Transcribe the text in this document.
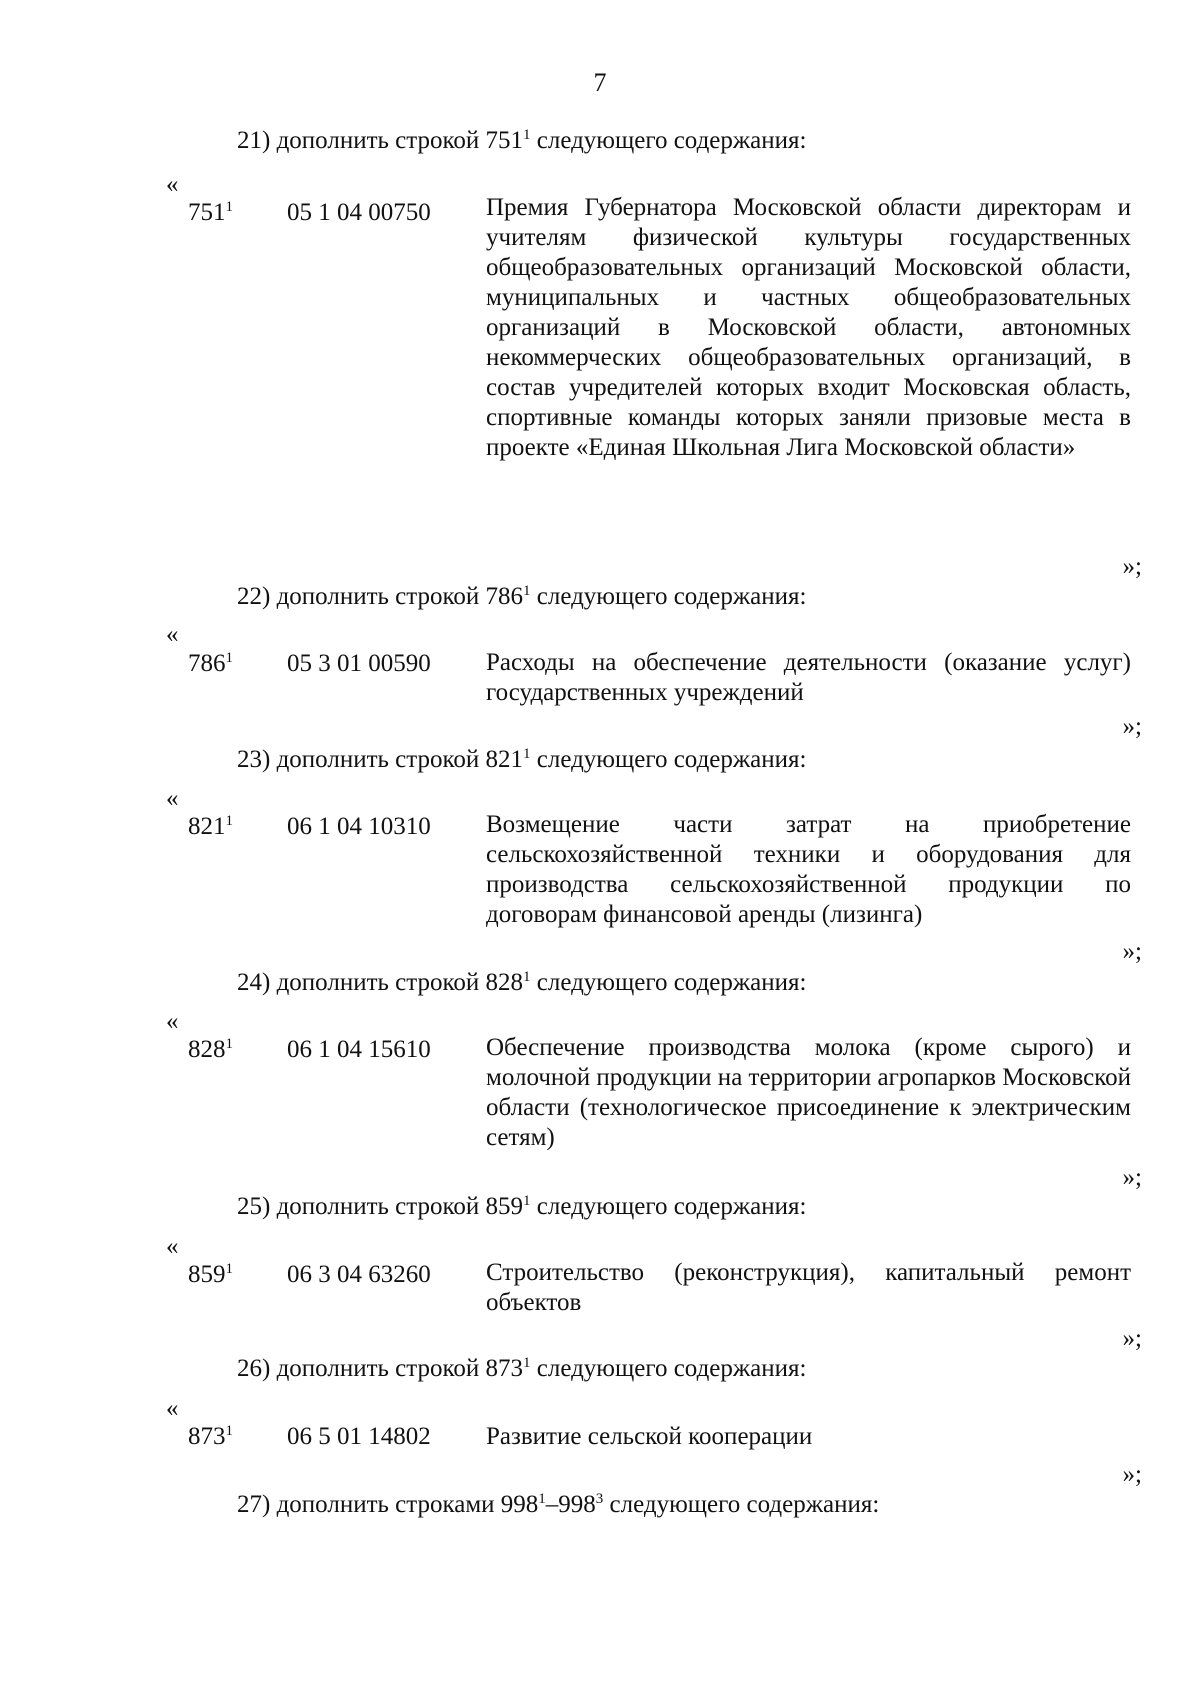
7
21) дополнить строкой $751^1$ следующего содержания:
«
$751^1$ 05 1 04 00750 Премия Губернатора Московской области директорам и учителям физической культуры государственных общеобразовательных организаций Московской области, муниципальных и частных общеобразовательных организаций в Московской области, автономных некоммерческих общеобразовательных организаций, в состав учредителей которых входит Московская область, спортивные команды которых заняли призовые места в проекте «Единая Школьная Лига Московской области»
»;
22) дополнить строкой $786^1$ следующего содержания:
«
$786^1$ 05 3 01 00590 Расходы на обеспечение деятельности (оказание услуг) государственных учреждений
»;
23) дополнить строкой $821^1$ следующего содержания:
«
$821^1$ 06 1 04 10310 Возмещение части затрат на приобретение сельскохозяйственной техники и оборудования для производства сельскохозяйственной продукции по договорам финансовой аренды (лизинга)
»;
24) дополнить строкой $828^1$ следующего содержания:
«
$828^1$ 06 1 04 15610 Обеспечение производства молока (кроме сырого) и молочной продукции на территории агропарков Московской области (технологическое присоединение к электрическим сетям)
»;
25) дополнить строкой $859^1$ следующего содержания:
«
$859^1$ 06 3 04 63260 Строительство (реконструкция), капитальный ремонт объектов
»;
26) дополнить строкой $873^1$ следующего содержания:
«
$873^1$ 06 5 01 14802 Развитие сельской кооперации
»;
27) дополнить строками $998^1-998^3$ следующего содержания:
